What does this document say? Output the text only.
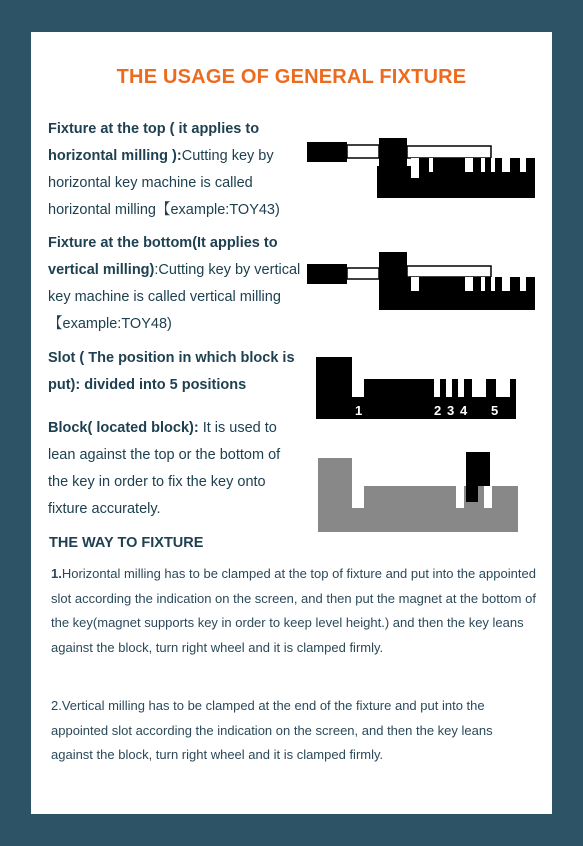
THE USAGE OF GENERAL FIXTURE
Fixture at the top ( it applies to horizontal milling ):Cutting key by horizontal key machine is called horizontal milling【example:TOY43)
Fixture at the bottom(It applies to vertical milling):Cutting key by vertical key machine is called vertical milling【example:TOY48)
Slot ( The position in which block is put): divided into 5 positions
Block( located block): It is used to lean against the top or the bottom of the key in order to fix the key onto fixture accurately.
1	2 3 4 5
THE WAY TO FIXTURE
1.Horizontal milling has to be clamped at the top of fixture and put into the appointed slot according the indication on the screen, and then put the magnet at the bottom of the key(magnet supports key in order to keep level height.) and then the key leans against the block, turn right wheel and it is clamped firmly.
2.Vertical milling has to be clamped at the end of the fixture and put into the appointed slot according the indication on the screen, and then the key leans against the block, turn right wheel and it is clamped firmly.
